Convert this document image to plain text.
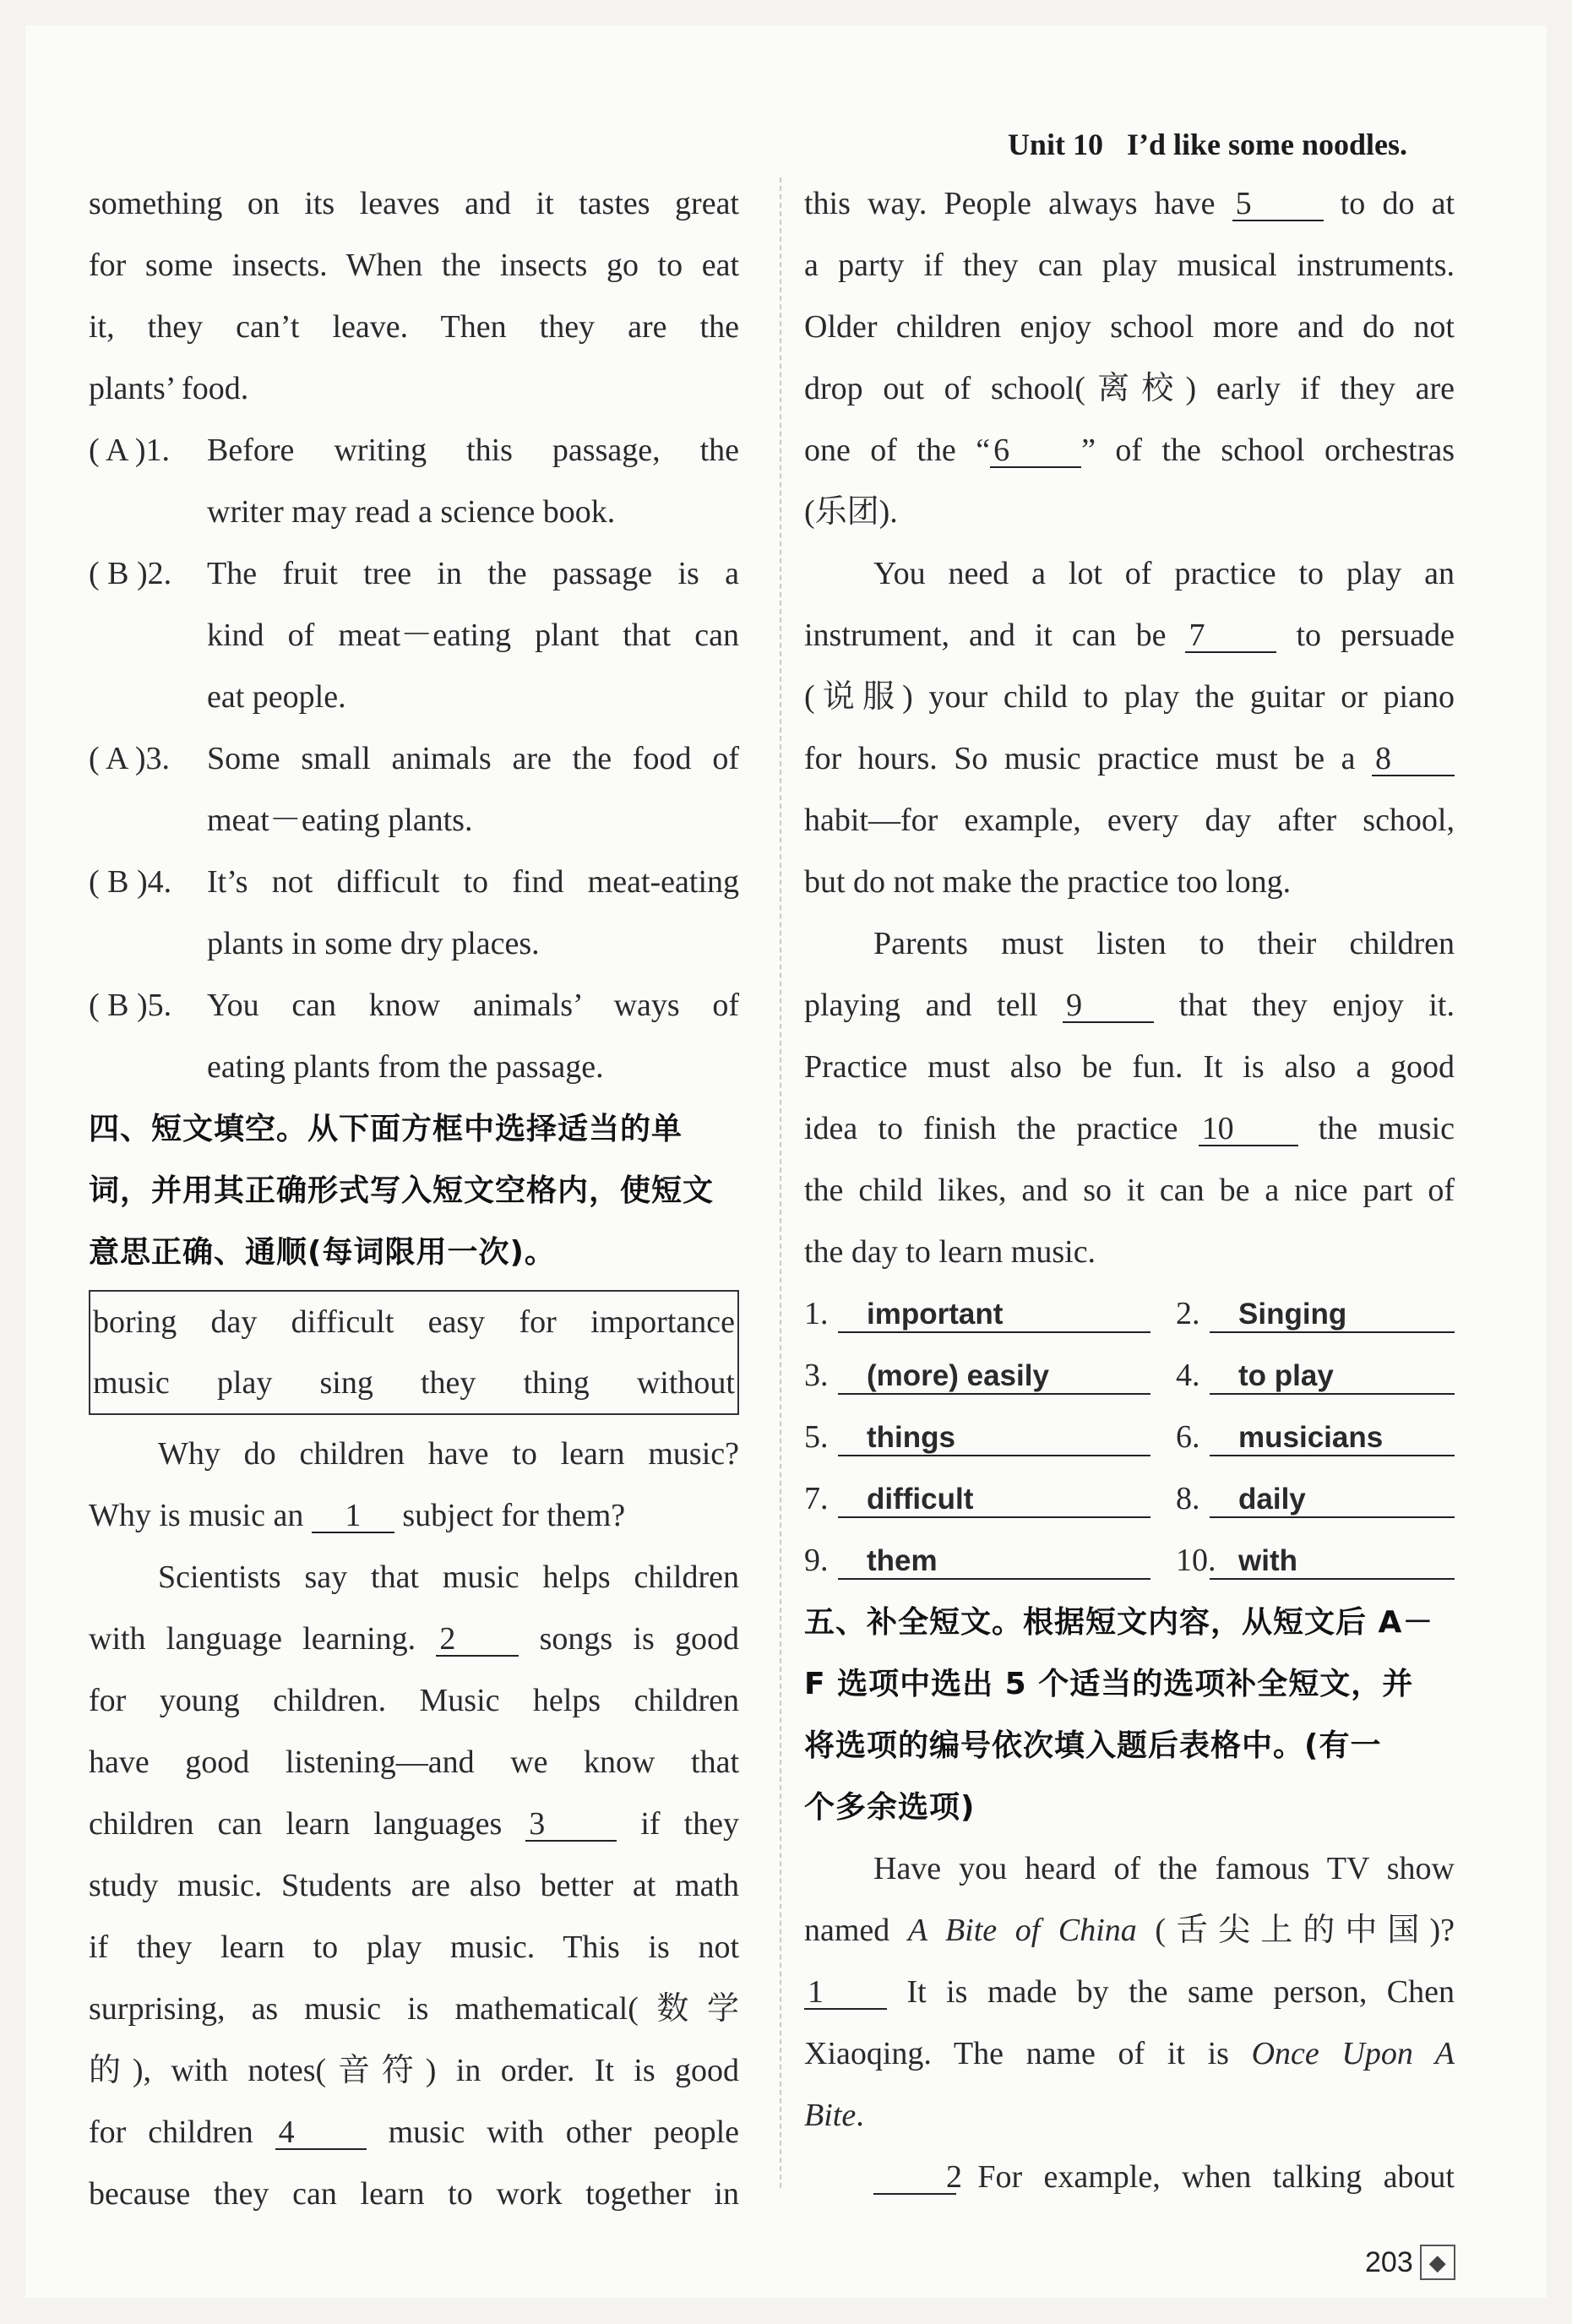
Unit 10 I’d like some noodles.
something on its leaves and it tastes great
for some insects. When the insects go to eat
it, they can’t leave. Then they are the
plants’ food.
( A )1.	Before writing this passage, the
writer may read a science book.
( B )2.	The fruit tree in the passage is a
kind of meat－eating plant that can
eat people.
( A )3.	Some small animals are the food of
meat－eating plants.
( B )4.	It’s not difficult to find meat-eating
plants in some dry places.
( B )5.	You can know animals’ ways of
eating plants from the passage.
四、短文填空。从下面方框中选择适当的单
词，并用其正确形式写入短文空格内，使短文
意思正确、通顺(每词限用一次)。
boring day difficult easy for importance
music play sing they thing without
Why do children have to learn music?
Why is music an 1 subject for them?
Scientists say that music helps children
with language learning. 2	songs is good
for young children. Music helps children
have good listening—and we know that
children can learn languages 3	if they
study music. Students are also better at math
if they learn to play music. This is not
surprising, as music is mathematical(数学
的), with notes(音符) in order. It is good
for children 4	music with other people
because they can learn to work together in
this way. People always have 5	to do at
a party if they can play musical instruments.
Older children enjoy school more and do not
drop out of school(离校) early if they are
one of the “ 6 ” of the school orchestras
(乐团).
You need a lot of practice to play an
instrument, and it can be 7	to persuade
(说服) your child to play the guitar or piano
for hours. So music practice must be a 8
habit—for example, every day after school,
but do not make the practice too long.
Parents must listen to their children
playing and tell 9	that they enjoy it.
Practice must also be fun. It is also a good
idea to finish the practice 10	the music
the child likes, and so it can be a nice part of
the day to learn music.
1.	important	2.	Singing
3.	(more) easily	4.	to play
5.	things	6.	musicians
7.	difficult	8.	daily
9.	them	10. with
五、补全短文。根据短文内容，从短文后 A－
F 选项中选出 5 个适当的选项补全短文，并
将选项的编号依次填入题后表格中。(有一
个多余选项)
Have you heard of the famous TV show
named A Bite of China (舌尖上的中国)?
1	It is made by the same person, Chen
Xiaoqing. The name of it is Once Upon A
Bite.
2 For example, when talking about
203 ◆
